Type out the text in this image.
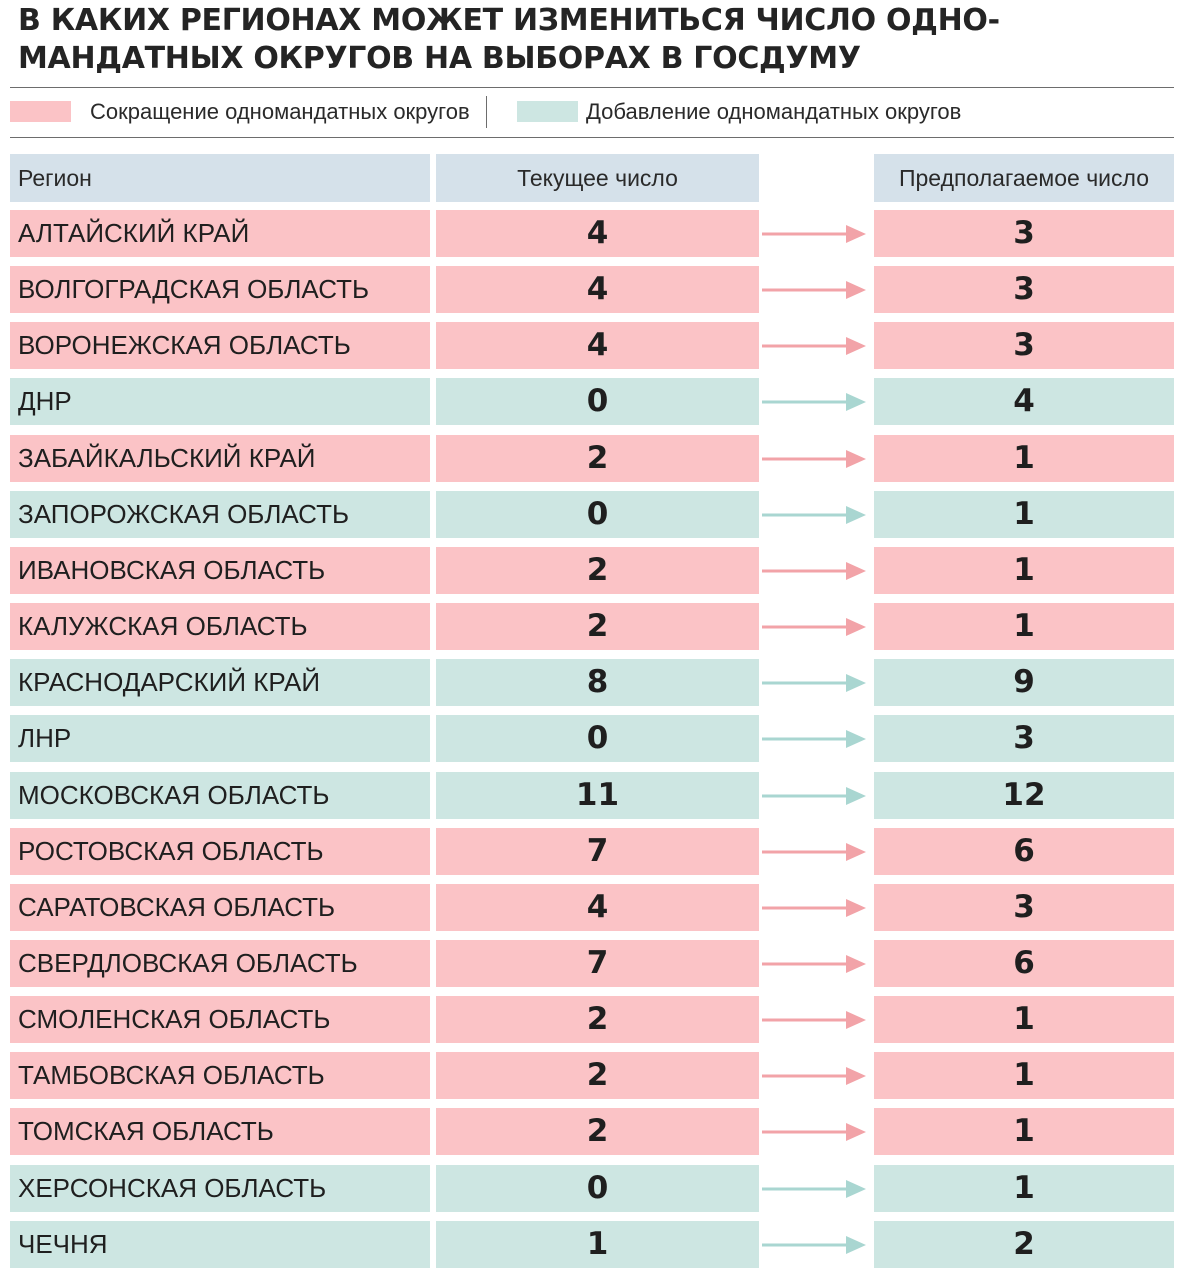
В КАКИХ РЕГИОНАХ МОЖЕТ ИЗМЕНИТЬСЯ ЧИСЛО ОДНО-МАНДАТНЫХ ОКРУГОВ НА ВЫБОРАХ В ГОСДУМУ
Сокращение одномандатных округов	Добавление одномандатных округов
Регион	Текущее число	Предполагаемое число
АЛТАЙСКИЙ КРАЙ	4	3
ВОЛГОГРАДСКАЯ ОБЛАСТЬ	4	3
ВОРОНЕЖСКАЯ ОБЛАСТЬ	4	3
ДНР	0	4
ЗАБАЙКАЛЬСКИЙ КРАЙ	2	1
ЗАПОРОЖСКАЯ ОБЛАСТЬ	0	1
ИВАНОВСКАЯ ОБЛАСТЬ	2	1
КАЛУЖСКАЯ ОБЛАСТЬ	2	1
КРАСНОДАРСКИЙ КРАЙ	8	9
ЛНР	0	3
МОСКОВСКАЯ ОБЛАСТЬ	11	12
РОСТОВСКАЯ ОБЛАСТЬ	7	6
САРАТОВСКАЯ ОБЛАСТЬ	4	3
СВЕРДЛОВСКАЯ ОБЛАСТЬ	7	6
СМОЛЕНСКАЯ ОБЛАСТЬ	2	1
ТАМБОВСКАЯ ОБЛАСТЬ	2	1
ТОМСКАЯ ОБЛАСТЬ	2	1
ХЕРСОНСКАЯ ОБЛАСТЬ	0	1
ЧЕЧНЯ	1	2
